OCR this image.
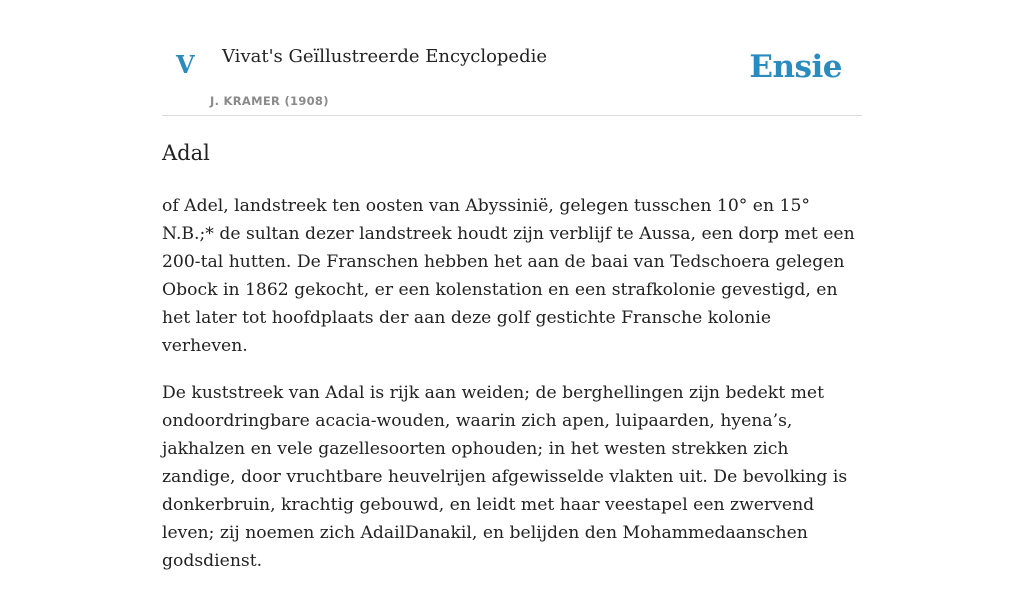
V Vivat's Geïllustreerde Encyclopedie
J. KRAMER (1908)
Ensie
Adal

of Adel, landstreek ten oosten van Abyssinië, gelegen tusschen 10° en 15° N.B.;* de sultan dezer landstreek houdt zijn verblijf te Aussa, een dorp met een 200-tal hutten. De Franschen hebben het aan de baai van Tedschoera gelegen Obock in 1862 gekocht, er een kolenstation en een strafkolonie gevestigd, en het later tot hoofdplaats der aan deze golf gestichte Fransche kolonie verheven.

De kuststreek van Adal is rijk aan weiden; de berghellingen zijn bedekt met ondoordringbare acacia-wouden, waarin zich apen, luipaarden, hyena’s, jakhalzen en vele gazellesoorten ophouden; in het westen strekken zich zandige, door vruchtbare heuvelrijen afgewisselde vlakten uit. De bevolking is donkerbruin, krachtig gebouwd, en leidt met haar veestapel een zwervend leven; zij noemen zich AdailDanakil, en belijden den Mohammedaanschen godsdienst.
